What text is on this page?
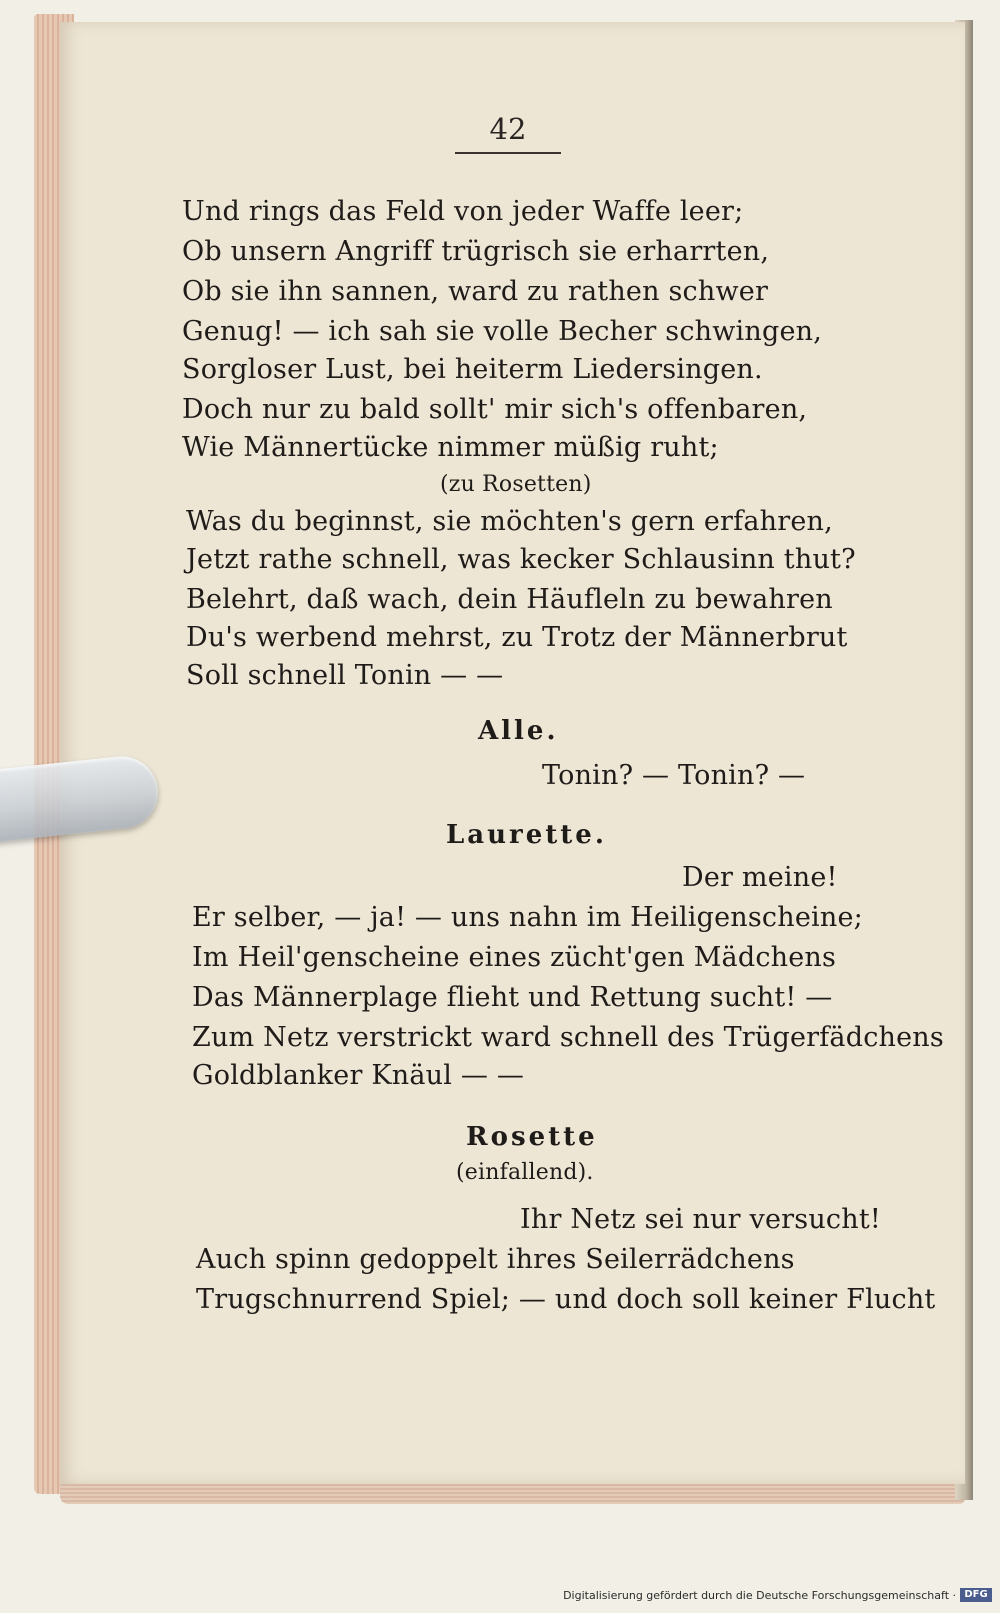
42
Und rings das Feld von jeder Waffe leer;
Ob unsern Angriff trügrisch sie erharrten,
Ob sie ihn sannen, ward zu rathen schwer
Genug! — ich sah sie volle Becher schwingen,
Sorgloser Lust, bei heiterm Liedersingen.
Doch nur zu bald sollt' mir sich's offenbaren,
Wie Männertücke nimmer müßig ruht;
(zu Rosetten)
Was du beginnst, sie möchten's gern erfahren,
Jetzt rathe schnell, was kecker Schlausinn thut?
Belehrt, daß wach, dein Häufleln zu bewahren
Du's werbend mehrst, zu Trotz der Männerbrut
Soll schnell Tonin — —
Alle.
Tonin? — Tonin? —
Laurette.
Der meine!
Er selber, — ja! — uns nahn im Heiligenscheine;
Im Heil'genscheine eines zücht'gen Mädchens
Das Männerplage flieht und Rettung sucht! —
Zum Netz verstrickt ward schnell des Trügerfädchens
Goldblanker Knäul — —
Rosette
(einfallend).
Ihr Netz sei nur versucht!
Auch spinn gedoppelt ihres Seilerrädchens
Trugschnurrend Spiel; — und doch soll keiner Flucht
Digitalisierung gefördert durch die Deutsche Forschungsgemeinschaft · DFG
